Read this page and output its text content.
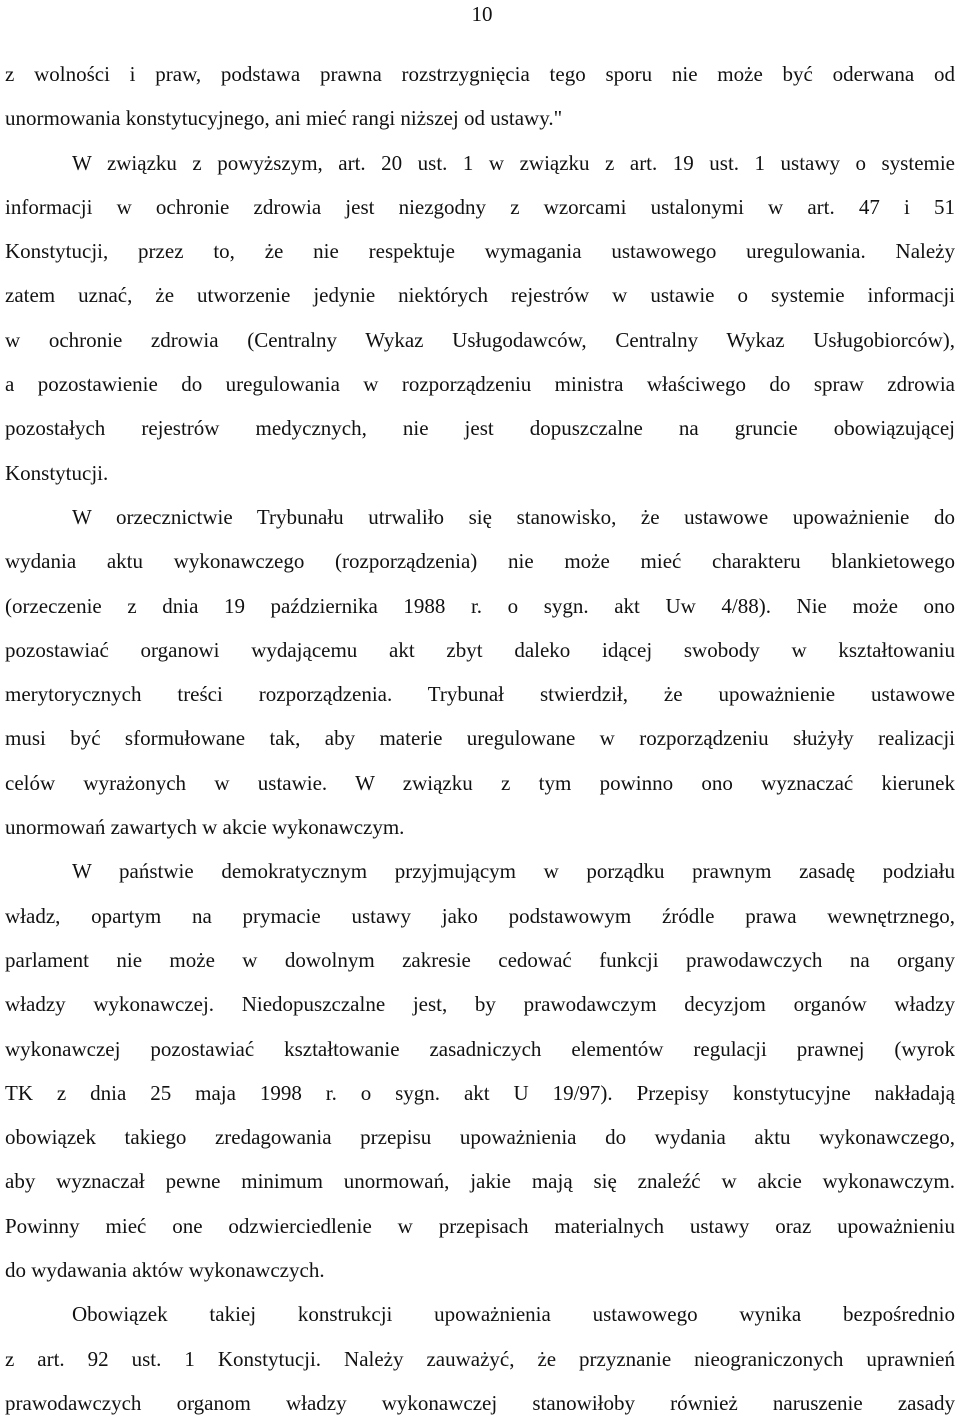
10
z wolności i praw, podstawa prawna rozstrzygnięcia tego sporu nie może być oderwana od
unormowania konstytucyjnego, ani mieć rangi niższej od ustawy."
W związku z powyższym, art. 20 ust. 1 w związku z art. 19 ust. 1 ustawy o systemie
informacji w ochronie zdrowia jest niezgodny z wzorcami ustalonymi w art. 47 i 51
Konstytucji, przez to, że nie respektuje wymagania ustawowego uregulowania. Należy
zatem uznać, że utworzenie jedynie niektórych rejestrów w ustawie o systemie informacji
w ochronie zdrowia (Centralny Wykaz Usługodawców, Centralny Wykaz Usługobiorców),
a pozostawienie do uregulowania w rozporządzeniu ministra właściwego do spraw zdrowia
pozostałych rejestrów medycznych, nie jest dopuszczalne na gruncie obowiązującej
Konstytucji.
W orzecznictwie Trybunału utrwaliło się stanowisko, że ustawowe upoważnienie do
wydania aktu wykonawczego (rozporządzenia) nie może mieć charakteru blankietowego
(orzeczenie z dnia 19 października 1988 r. o sygn. akt Uw 4/88). Nie może ono
pozostawiać organowi wydającemu akt zbyt daleko idącej swobody w kształtowaniu
merytorycznych treści rozporządzenia. Trybunał stwierdził, że upoważnienie ustawowe
musi być sformułowane tak, aby materie uregulowane w rozporządzeniu służyły realizacji
celów wyrażonych w ustawie. W związku z tym powinno ono wyznaczać kierunek
unormowań zawartych w akcie wykonawczym.
W państwie demokratycznym przyjmującym w porządku prawnym zasadę podziału
władz, opartym na prymacie ustawy jako podstawowym źródle prawa wewnętrznego,
parlament nie może w dowolnym zakresie cedować funkcji prawodawczych na organy
władzy wykonawczej. Niedopuszczalne jest, by prawodawczym decyzjom organów władzy
wykonawczej pozostawiać kształtowanie zasadniczych elementów regulacji prawnej (wyrok
TK z dnia 25 maja 1998 r. o sygn. akt U 19/97). Przepisy konstytucyjne nakładają
obowiązek takiego zredagowania przepisu upoważnienia do wydania aktu wykonawczego,
aby wyznaczał pewne minimum unormowań, jakie mają się znaleźć w akcie wykonawczym.
Powinny mieć one odzwierciedlenie w przepisach materialnych ustawy oraz upoważnieniu
do wydawania aktów wykonawczych.
Obowiązek takiej konstrukcji upoważnienia ustawowego wynika bezpośrednio
z art. 92 ust. 1 Konstytucji. Należy zauważyć, że przyznanie nieograniczonych uprawnień
prawodawczych organom władzy wykonawczej stanowiłoby również naruszenie zasady
